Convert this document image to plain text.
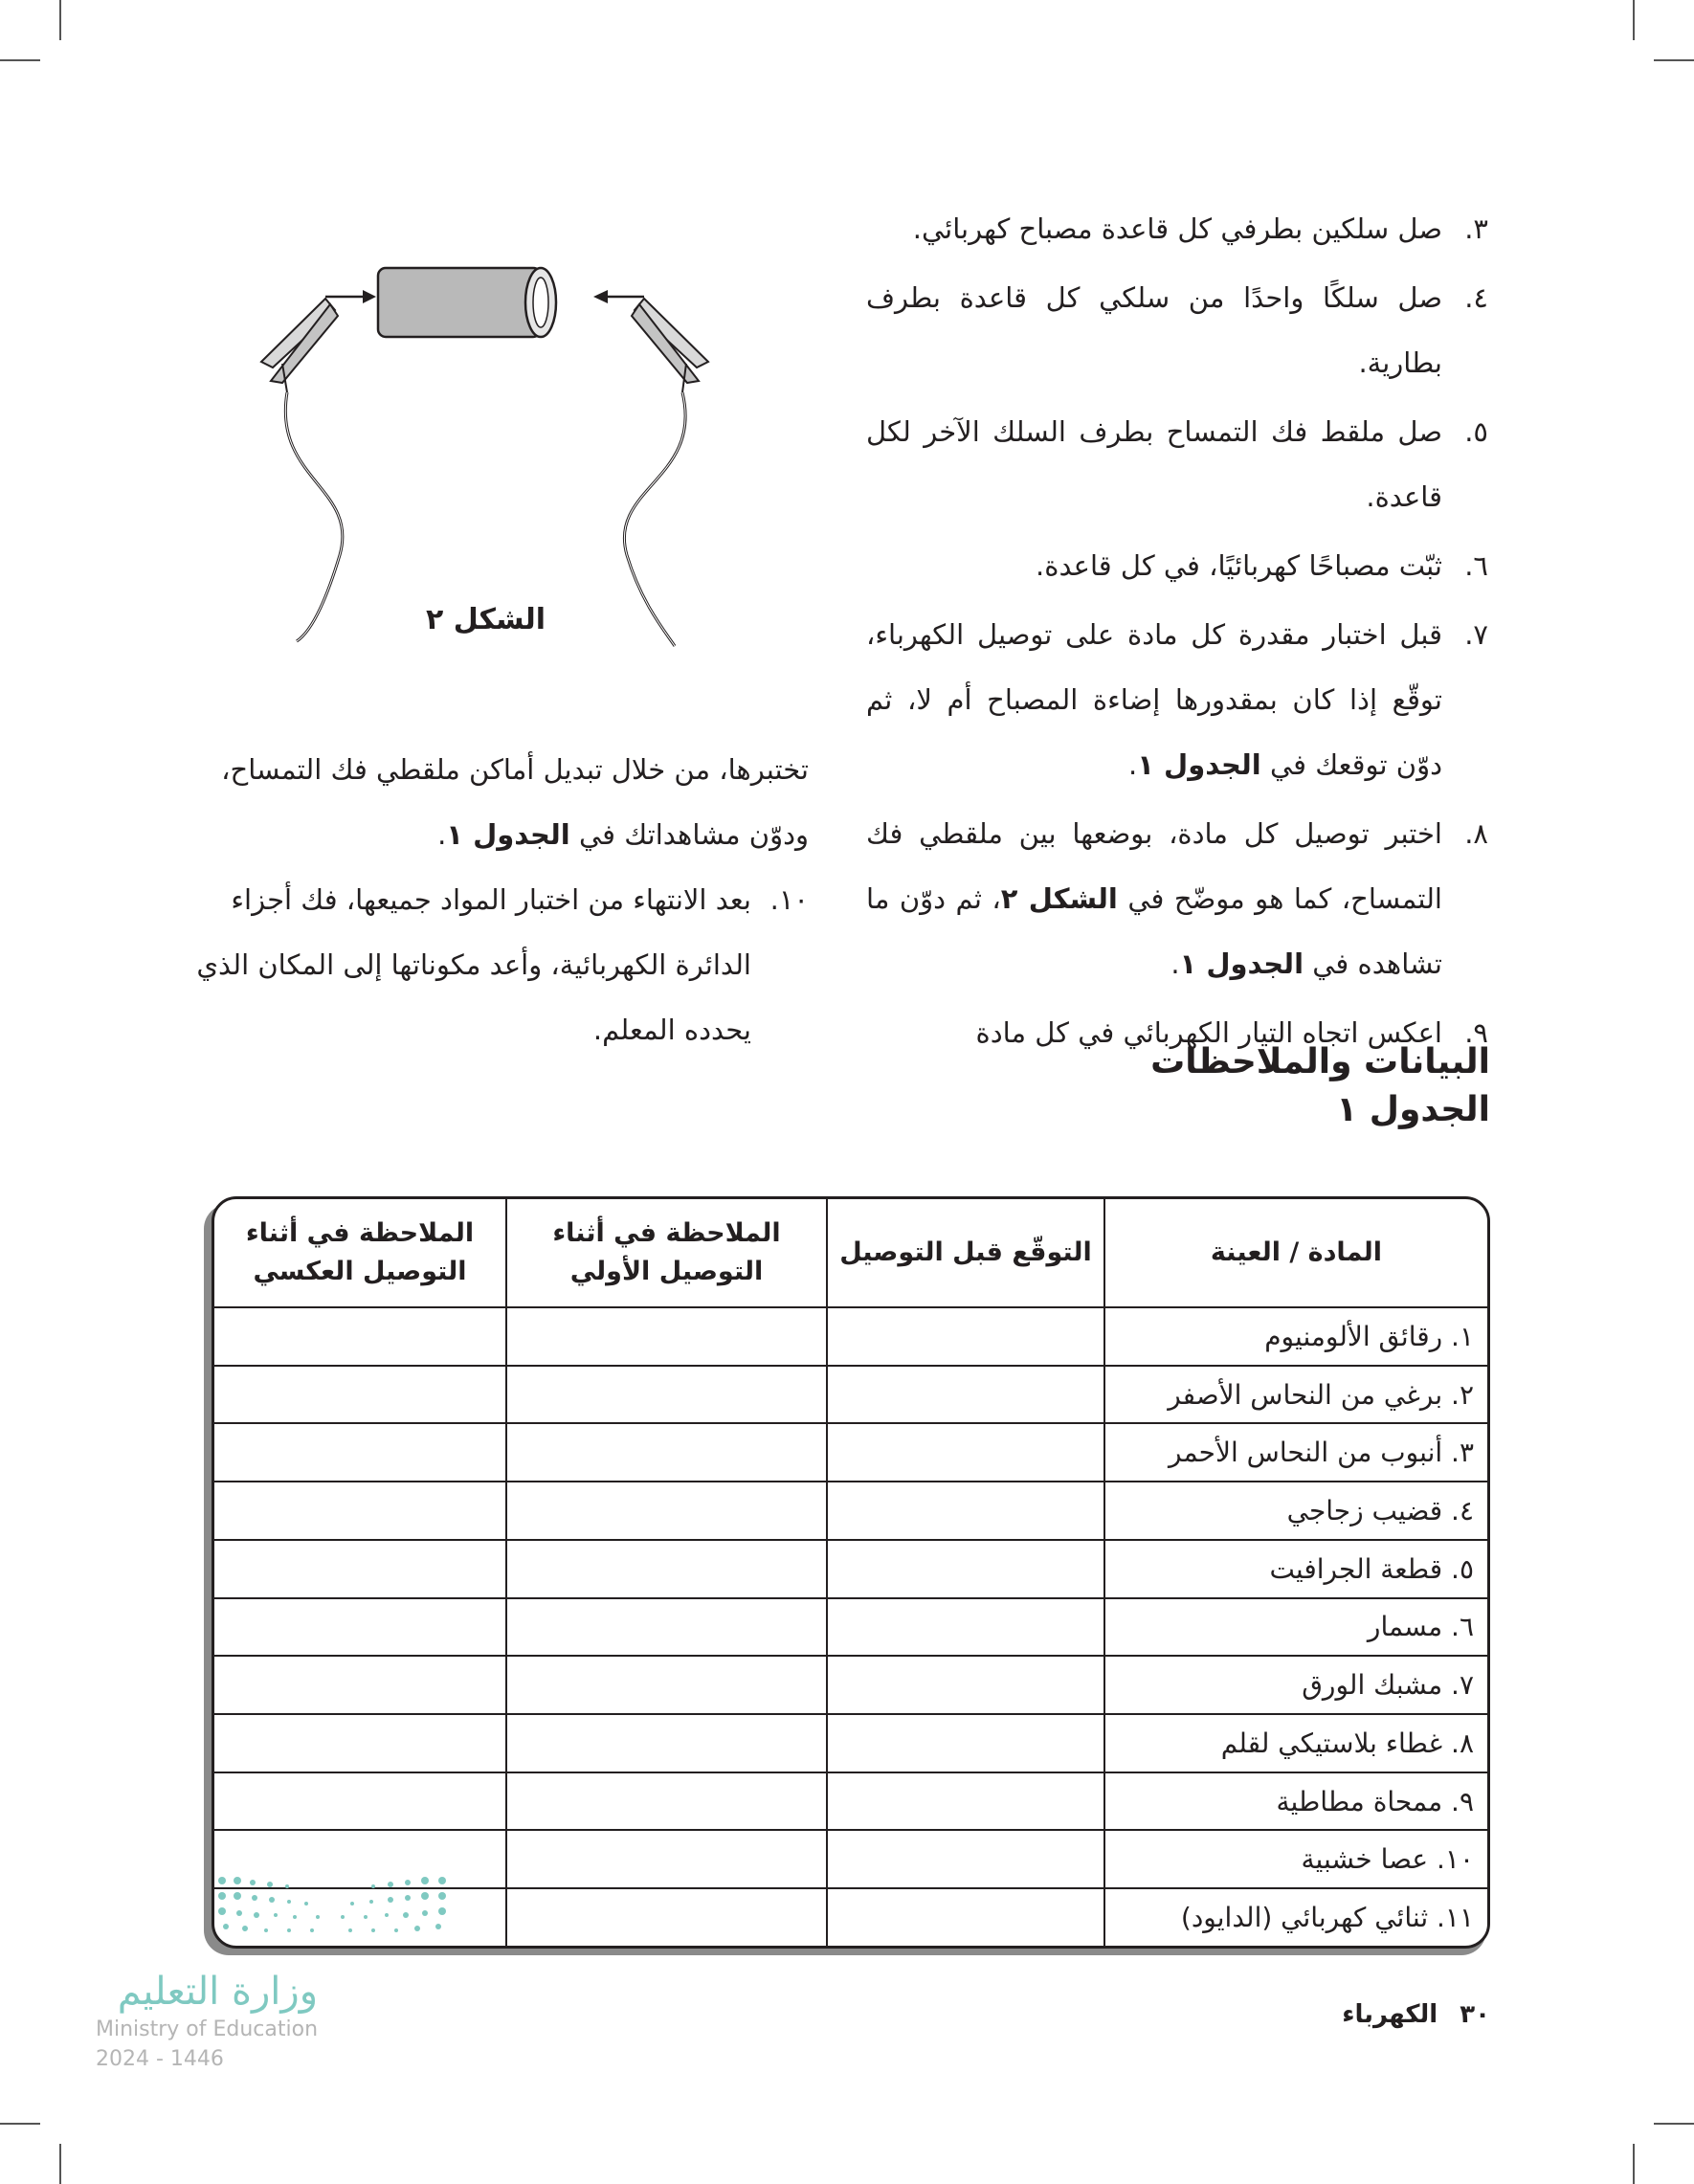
٣.
صل سلكين بطرفي كل قاعدة مصباح كهربائي.

٤.
صل سلكًا واحدًا من سلكي كل قاعدة بطرف بطارية.

٥.
صل ملقط فك التمساح بطرف السلك الآخر لكل قاعدة.

٦.
ثبّت مصباحًا كهربائيًا، في كل قاعدة.

٧.
قبل اختبار مقدرة كل مادة على توصيل الكهرباء، توقّع إذا كان بمقدورها إضاءة المصباح أم لا، ثم دوّن توقعك في الجدول ١.

٨.
اختبر توصيل كل مادة، بوضعها بين ملقطي فك التمساح، كما هو موضّح في الشكل ٢، ثم دوّن ما تشاهده في الجدول ١.

٩.
اعكس اتجاه التيار الكهربائي في كل مادة

الشكل ٢

تختبرها، من خلال تبديل أماكن ملقطي فك التمساح، ودوّن مشاهداتك في الجدول ١.

١٠.
بعد الانتهاء من اختبار المواد جميعها، فك أجزاء الدائرة الكهربائية، وأعد مكوناتها إلى المكان الذي يحدده المعلم.

البيانات والملاحظات
الجدول ١
المادة / العينة	التوقّع قبل التوصيل	الملاحظة في أثناء التوصيل الأولي	الملاحظة في أثناء التوصيل العكسي
١. رقائق الألومنيوم			
٢. برغي من النحاس الأصفر			
٣. أنبوب من النحاس الأحمر			
٤. قضيب زجاجي			
٥. قطعة الجرافيت			
٦. مسمار			
٧. مشبك الورق			
٨. غطاء بلاستيكي لقلم			
٩. ممحاة مطاطية			
١٠. عصا خشبية			
١١. ثنائي كهربائي (الدايود)			
وزارة التعليم
Ministry of Education
2024 - 1446
٣٠ الكهرباء
